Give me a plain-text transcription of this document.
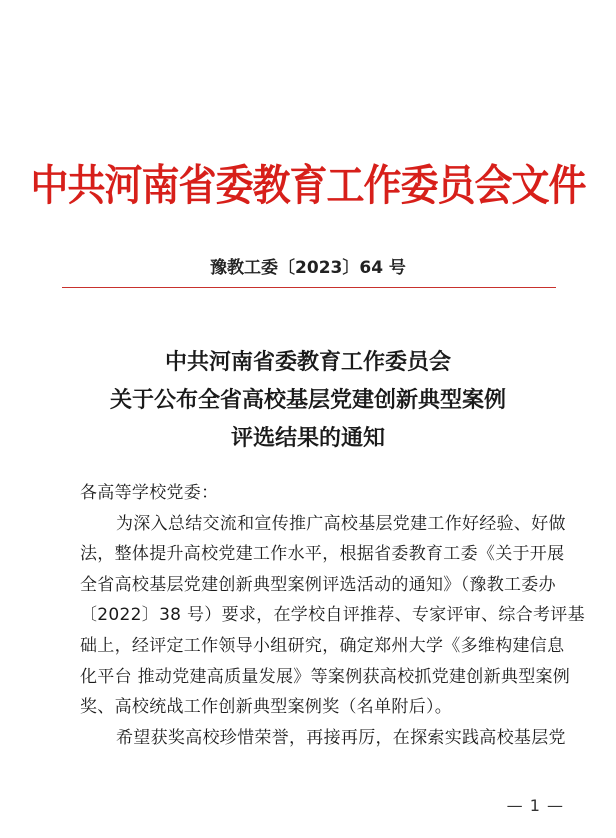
中共河南省委教育工作委员会文件
豫教工委〔2023〕64 号
中共河南省委教育工作委员会
关于公布全省高校基层党建创新典型案例
评选结果的通知
各高等学校党委：
为深入总结交流和宣传推广高校基层党建工作好经验、好做
法，整体提升高校党建工作水平，根据省委教育工委《关于开展
全省高校基层党建创新典型案例评选活动的通知》（豫教工委办
〔2022〕38 号）要求，在学校自评推荐、专家评审、综合考评基
础上，经评定工作领导小组研究，确定郑州大学《多维构建信息
化平台 推动党建高质量发展》等案例获高校抓党建创新典型案例
奖、高校统战工作创新典型案例奖（名单附后）。
希望获奖高校珍惜荣誉，再接再厉，在探索实践高校基层党
— 1 —
